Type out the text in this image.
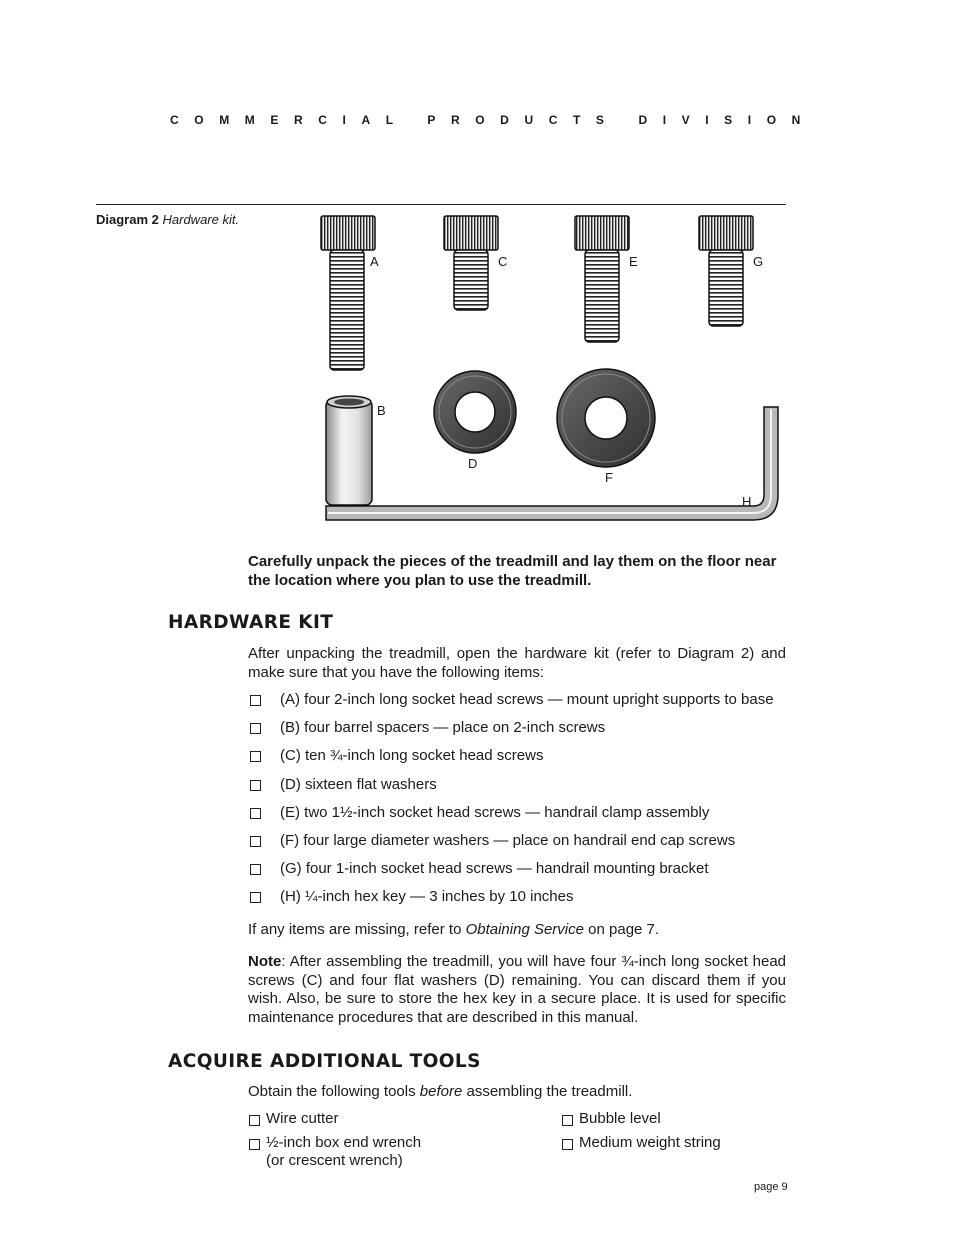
COMMERCIAL PRODUCTS DIVISION
Diagram 2 Hardware kit.
A
B
C
D
E
F
G
H
Carefully unpack the pieces of the treadmill and lay them on the floor near the location where you plan to use the treadmill.
HARDWARE KIT
After unpacking the treadmill, open the hardware kit (refer to Diagram 2) and make sure that you have the following items:
(A) four 2-inch long socket head screws — mount upright supports to base
(B) four barrel spacers — place on 2-inch screws
(C) ten ¾-inch long socket head screws
(D) sixteen flat washers
(E) two 1½-inch socket head screws — handrail clamp assembly
(F) four large diameter washers — place on handrail end cap screws
(G) four 1-inch socket head screws — handrail mounting bracket
(H) ¼-inch hex key — 3 inches by 10 inches
If any items are missing, refer to Obtaining Service on page 7.
Note: After assembling the treadmill, you will have four ¾-inch long socket head screws (C) and four flat washers (D) remaining. You can discard them if you wish. Also, be sure to store the hex key in a secure place. It is used for specific maintenance procedures that are described in this manual.
ACQUIRE ADDITIONAL TOOLS
Obtain the following tools before assembling the treadmill.
Wire cutter
½-inch box end wrench
(or crescent wrench)
Bubble level
Medium weight string
page 9
